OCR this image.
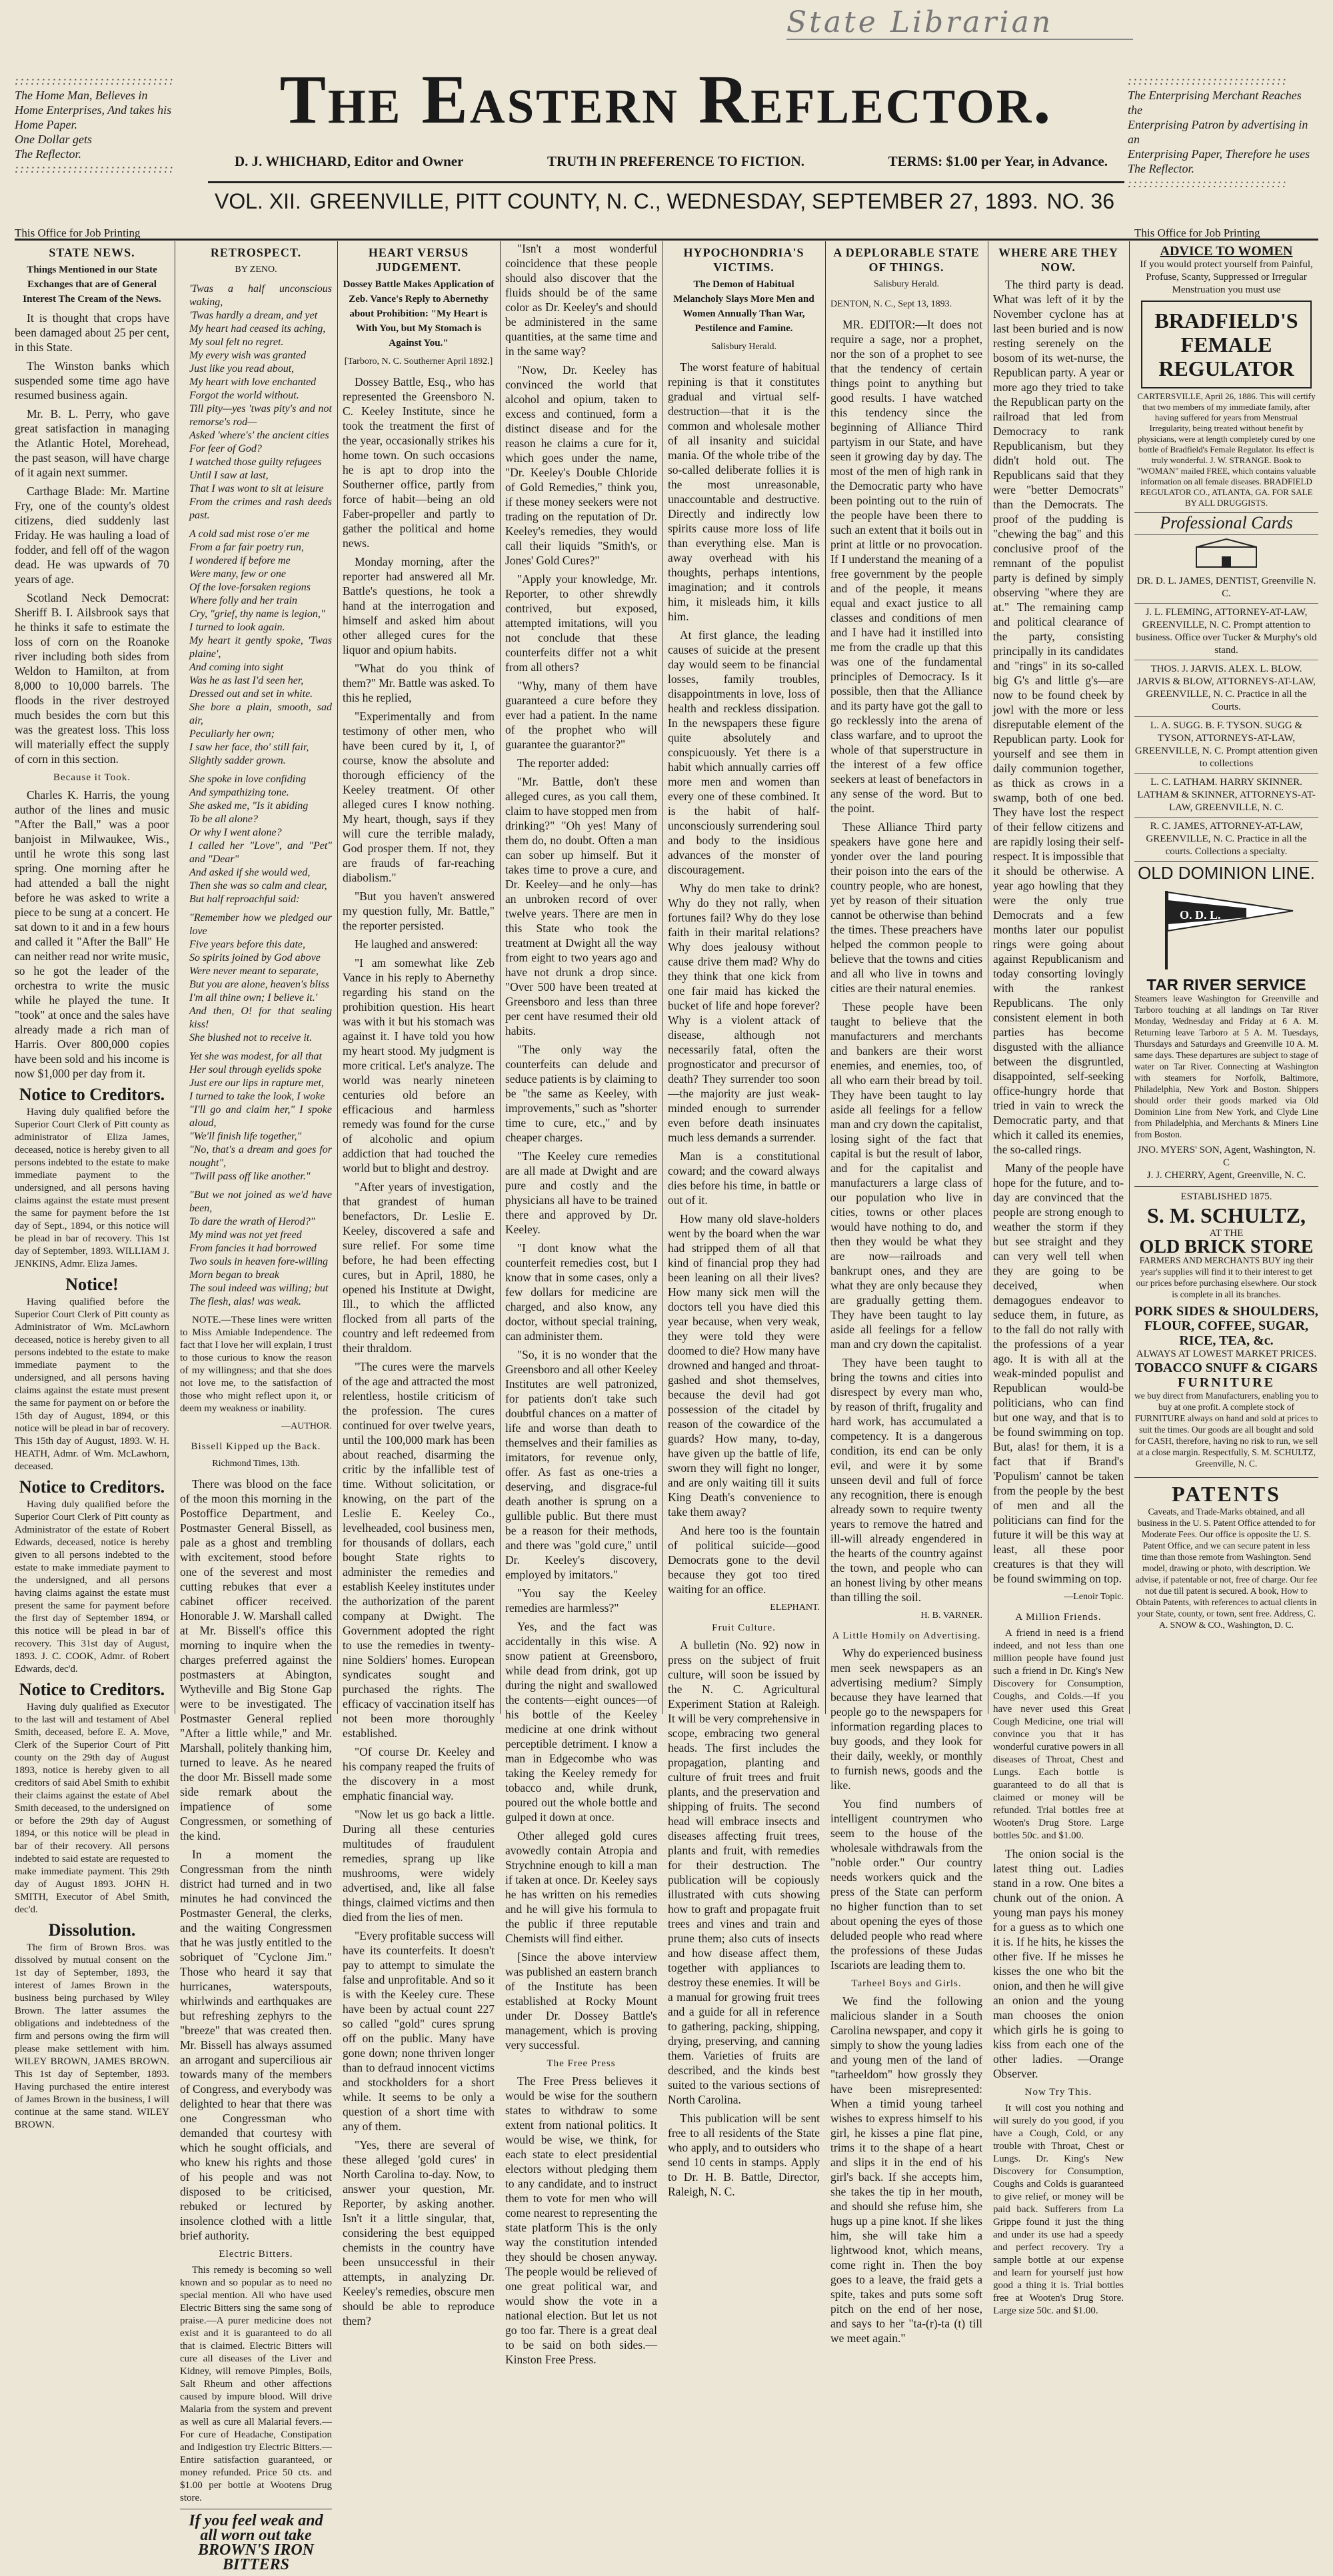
State Librarian

::::::::::::::::::::::::::::::

The Home Man, Believes in

Home Enterprises, And takes his

Home Paper.

One Dollar gets

The Reflector.

::::::::::::::::::::::::::::::

The Eastern Reflector.	::::::::::::::::::::::::::::::

The Enterprising Merchant Reaches the

Enterprising Patron by advertising in an

Enterprising Paper, Therefore he uses

The Reflector.

::::::::::::::::::::::::::::::

D. J. WHICHARD, Editor and Owner	TRUTH IN PREFERENCE TO FICTION.	TERMS: $1.00 per Year, in Advance.
VOL. XII. GREENVILLE, PITT COUNTY, N. C., WEDNESDAY, SEPTEMBER 27, 1893. NO. 36
This Office for Job Printing	This Office for Job Printing
STATE NEWS.
Things Mentioned in our State Exchanges that are of General Interest The Cream of the News.

It is thought that crops have been damaged about 25 per cent, in this State.

The Winston banks which suspended some time ago have resumed business again.

Mr. B. L. Perry, who gave great satisfaction in managing the Atlantic Hotel, Morehead, the past season, will have charge of it again next summer.

Carthage Blade: Mr. Martine Fry, one of the county's oldest citizens, died suddenly last Friday. He was hauling a load of fodder, and fell off of the wagon dead. He was upwards of 70 years of age.

Scotland Neck Democrat: Sheriff B. I. Ailsbrook says that he thinks it safe to estimate the loss of corn on the Roanoke river including both sides from Weldon to Hamilton, at from 8,000 to 10,000 barrels. The floods in the river destroyed much besides the corn but this was the greatest loss. This loss will materially effect the supply of corn in this section.

Because it Took.

Charles K. Harris, the young author of the lines and music "After the Ball," was a poor banjoist in Milwaukee, Wis., until he wrote this song last spring. One morning after he had attended a ball the night before he was asked to write a piece to be sung at a concert. He sat down to it and in a few hours and called it "After the Ball" He can neither read nor write music, so he got the leader of the orchestra to write the music while he played the tune. It "took" at once and the sales have already made a rich man of Harris. Over 800,000 copies have been sold and his income is now $1,000 per day from it.

Notice to Creditors.

Having duly qualified before the Superior Court Clerk of Pitt county as administrator of Eliza James, deceased, notice is hereby given to all persons indebted to the estate to make immediate payment to the undersigned, and all persons having claims against the estate must present the same for payment before the 1st day of Sept., 1894, or this notice will be plead in bar of recovery. This 1st day of September, 1893. WILLIAM J. JENKINS, Admr. Eliza James.

Notice!

Having qualified before the Superior Court Clerk of Pitt county as Administrator of Wm. McLawhorn deceased, notice is hereby given to all persons indebted to the estate to make immediate payment to the undersigned, and all persons having claims against the estate must present the same for payment on or before the 15th day of August, 1894, or this notice will be plead in bar of recovery. This 15th day of August, 1893. W. H. HEATH, Admr. of Wm. McLawhorn, deceased.

Notice to Creditors.

Having duly qualified before the Superior Court Clerk of Pitt county as Administrator of the estate of Robert Edwards, deceased, notice is hereby given to all persons indebted to the estate to make immediate payment to the undersigned, and all persons having claims against the estate must present the same for payment before the first day of September 1894, or this notice will be plead in bar of recovery. This 31st day of August, 1893. J. C. COOK, Admr. of Robert Edwards, dec'd.

Notice to Creditors.

Having duly qualified as Executor to the last will and testament of Abel Smith, deceased, before E. A. Move, Clerk of the Superior Court of Pitt county on the 29th day of August 1893, notice is hereby given to all creditors of said Abel Smith to exhibit their claims against the estate of Abel Smith deceased, to the undersigned on or before the 29th day of August 1894, or this notice will be plead in bar of their recovery. All persons indebted to said estate are requested to make immediate payment. This 29th day of August 1893. JOHN H. SMITH, Executor of Abel Smith, dec'd.

Dissolution.

The firm of Brown Bros. was dissolved by mutual consent on the 1st day of September, 1893, the interest of James Brown in the business being purchased by Wiley Brown. The latter assumes the obligations and indebtedness of the firm and persons owing the firm will please make settlement with him. WILEY BROWN, JAMES BROWN. This 1st day of September, 1893. Having purchased the entire interest of James Brown in the business, I will continue at the same stand. WILEY BROWN.

RETROSPECT.
BY ZENO.
'Twas a half unconscious waking,
'Twas hardly a dream, and yet
My heart had ceased its aching,
My soul felt no regret.
My every wish was granted
Just like you read about,
My heart with love enchanted
Forgot the world without.
Till pity—yes 'twas pity's and not remorse's rod—
Asked 'where's' the ancient cities
For feer of God?
I watched those guilty refugees
Until I saw at last,
That I was wont to sit at leisure
From the crimes and rash deeds past.
A cold sad mist rose o'er me
From a far fair poetry run,
I wondered if before me
Were many, few or one
Of the love-forsaken regions
Where folly and her train
Cry, "grief, thy name is legion,"
I turned to look again.
My heart it gently spoke, 'Twas plaine',
And coming into sight
Was he as last I'd seen her,
Dressed out and set in white.
She bore a plain, smooth, sad air,
Peculiarly her own;
I saw her face, tho' still fair,
Slightly sadder grown.
She spoke in love confiding
And sympathizing tone.
She asked me, "Is it abiding
To be all alone?
Or why I went alone?
I called her "Love", and "Pet" and "Dear"
And asked if she would wed,
Then she was so calm and clear,
But half reproachful said:
"Remember how we pledged our love
Five years before this date,
So spirits joined by God above
Were never meant to separate,
But you are alone, heaven's bliss
I'm all thine own; I believe it.'
And then, O! for that sealing kiss!
She blushed not to receive it.
Yet she was modest, for all that
Her soul through eyelids spoke
Just ere our lips in rapture met,
I turned to take the look, I woke
"I'll go and claim her," I spoke aloud,
"We'll finish life together,"
"No, that's a dream and goes for nought",
"Twill pass off like another."
"But we not joined as we'd have been,
To dare the wrath of Herod?"
My mind was not yet freed
From fancies it had borrowed
Two souls in heaven fore-willing
Morn began to break
The soul indeed was willing; but
The flesh, alas! was weak.

NOTE.—These lines were written to Miss Amiable Independence. The fact that I love her will explain, I trust to those curious to know the reason of my willingness; and that she does not love me, to the satisfaction of those who might reflect upon it, or deem my weakness or inability.

—AUTHOR.
Bissell Kipped up the Back.
Richmond Times, 13th.

There was blood on the face of the moon this morning in the Postoffice Department, and Postmaster General Bissell, as pale as a ghost and trembling with excitement, stood before one of the severest and most cutting rebukes that ever a cabinet officer received. Honorable J. W. Marshall called at Mr. Bissell's office this morning to inquire when the charges preferred against the postmasters at Abington, Wytheville and Big Stone Gap were to be investigated. The Postmaster General replied "After a little while," and Mr. Marshall, politely thanking him, turned to leave. As he neared the door Mr. Bissell made some side remark about the impatience of some Congressmen, or something of the kind.

In a moment the Congressman from the ninth district had turned and in two minutes he had convinced the Postmaster General, the clerks, and the waiting Congressmen that he was justly entitled to the sobriquet of "Cyclone Jim." Those who heard it say that hurricanes, waterspouts, whirlwinds and earthquakes are but refreshing zephyrs to the "breeze" that was created then. Mr. Bissell has always assumed an arrogant and supercilious air towards many of the members of Congress, and everybody was delighted to hear that there was one Congressman who demanded that courtesy with which he sought officials, and who knew his rights and those of his people and was not disposed to be criticised, rebuked or lectured by insolence clothed with a little brief authority.

Electric Bitters.

This remedy is becoming so well known and so popular as to need no special mention. All who have used Electric Bitters sing the same song of praise.—A purer medicine does not exist and it is guaranteed to do all that is claimed. Electric Bitters will cure all diseases of the Liver and Kidney, will remove Pimples, Boils, Salt Rheum and other affections caused by impure blood. Will drive Malaria from the system and prevent as well as cure all Malarial fevers.—For cure of Headache, Constipation and Indigestion try Electric Bitters.—Entire satisfaction guaranteed, or money refunded. Price 50 cts. and $1.00 per bottle at Wootens Drug store.

If you feel weak and all worn out take BROWN'S IRON BITTERS
HEART VERSUS JUDGEMENT.
Dossey Battle Makes Application of Zeb. Vance's Reply to Abernethy about Prohibition: "My Heart is With You, but My Stomach is Against You."
[Tarboro, N. C. Southerner April 1892.]

Dossey Battle, Esq., who has represented the Greensboro N. C. Keeley Institute, since he took the treatment the first of the year, occasionally strikes his home town. On such occasions he is apt to drop into the Southerner office, partly from force of habit—being an old Faber-propeller and partly to gather the political and home news.

Monday morning, after the reporter had answered all Mr. Battle's questions, he took a hand at the interrogation and himself and asked him about other alleged cures for the liquor and opium habits.

"What do you think of them?" Mr. Battle was asked. To this he replied,

"Experimentally and from testimony of other men, who have been cured by it, I, of course, know the absolute and thorough efficiency of the Keeley treatment. Of other alleged cures I know nothing. My heart, though, says if they will cure the terrible malady, God prosper them. If not, they are frauds of far-reaching diabolism."

"But you haven't answered my question fully, Mr. Battle," the reporter persisted.

He laughed and answered:

"I am somewhat like Zeb Vance in his reply to Abernethy regarding his stand on the prohibition question. His heart was with it but his stomach was against it. I have told you how my heart stood. My judgment is more critical. Let's analyze. The world was nearly nineteen centuries old before an efficacious and harmless remedy was found for the curse of alcoholic and opium addiction that had touched the world but to blight and destroy.

"After years of investigation, that grandest of human benefactors, Dr. Leslie E. Keeley, discovered a safe and sure relief. For some time before, he had been effecting cures, but in April, 1880, he opened his Institute at Dwight, Ill., to which the afflicted flocked from all parts of the country and left redeemed from their thraldom.

"The cures were the marvels of the age and attracted the most relentless, hostile criticism of the profession. The cures continued for over twelve years, until the 100,000 mark has been about reached, disarming the critic by the infallible test of time. Without solicitation, or knowing, on the part of the Leslie E. Keeley Co., levelheaded, cool business men, for thousands of dollars, each bought State rights to administer the remedies and establish Keeley institutes under the authorization of the parent company at Dwight. The Government adopted the right to use the remedies in twenty-nine Soldiers' homes. European syndicates sought and purchased the rights. The efficacy of vaccination itself has not been more thoroughly established.

"Of course Dr. Keeley and his company reaped the fruits of the discovery in a most emphatic financial way.

"Now let us go back a little. During all these centuries multitudes of fraudulent remedies, sprang up like mushrooms, were widely advertised, and, like all false things, claimed victims and then died from the lies of men.

"Every profitable success will have its counterfeits. It doesn't pay to attempt to simulate the false and unprofitable. And so it is with the Keeley cure. These have been by actual count 227 so called "gold" cures sprung off on the public. Many have gone down; none thriven longer than to defraud innocent victims and stockholders for a short while. It seems to be only a question of a short time with any of them.

"Yes, there are several of these alleged 'gold cures' in North Carolina to-day. Now, to answer your question, Mr. Reporter, by asking another. Isn't it a little singular, that, considering the best equipped chemists in the country have been unsuccessful in their attempts, in analyzing Dr. Keeley's remedies, obscure men should be able to reproduce them?

"Isn't a most wonderful coincidence that these people should also discover that the fluids should be of the same color as Dr. Keeley's and should be administered in the same quantities, at the same time and in the same way?

"Now, Dr. Keeley has convinced the world that alcohol and opium, taken to excess and continued, form a distinct disease and for the reason he claims a cure for it, which goes under the name, "Dr. Keeley's Double Chloride of Gold Remedies," think you, if these money seekers were not trading on the reputation of Dr. Keeley's remedies, they would call their liquids "Smith's, or Jones' Gold Cures?"

"Apply your knowledge, Mr. Reporter, to other shrewdly contrived, but exposed, attempted imitations, will you not conclude that these counterfeits differ not a whit from all others?

"Why, many of them have guaranteed a cure before they ever had a patient. In the name of the prophet who will guarantee the guarantor?"

The reporter added:

"Mr. Battle, don't these alleged cures, as you call them, claim to have stopped men from drinking?" "Oh yes! Many of them do, no doubt. Often a man can sober up himself. But it takes time to prove a cure, and Dr. Keeley—and he only—has an unbroken record of over twelve years. There are men in this State who took the treatment at Dwight all the way from eight to two years ago and have not drunk a drop since. "Over 500 have been treated at Greensboro and less than three per cent have resumed their old habits.

"The only way the counterfeits can delude and seduce patients is by claiming to be "the same as Keeley, with improvements," such as "shorter time to cure, etc.," and by cheaper charges.

"The Keeley cure remedies are all made at Dwight and are pure and costly and the physicians all have to be trained there and approved by Dr. Keeley.

"I dont know what the counterfeit remedies cost, but I know that in some cases, only a few dollars for medicine are charged, and also know, any doctor, without special training, can administer them.

"So, it is no wonder that the Greensboro and all other Keeley Institutes are well patronized, for patients don't take such doubtful chances on a matter of life and worse than death to themselves and their families as imitators, for revenue only, offer. As fast as one-tries a deserving, and disgrace-ful death another is sprung on a gullible public. But there must be a reason for their methods, and there was "gold cure," until Dr. Keeley's discovery, employed by imitators."

"You say the Keeley remedies are harmless?"

Yes, and the fact was accidentally in this wise. A snow patient at Greensboro, while dead from drink, got up during the night and swallowed the contents—eight ounces—of his bottle of the Keeley medicine at one drink without perceptible detriment. I know a man in Edgecombe who was taking the Keeley remedy for tobacco and, while drunk, poured out the whole bottle and gulped it down at once.

Other alleged gold cures avowedly contain Atropia and Strychnine enough to kill a man if taken at once. Dr. Keeley says he has written on his remedies and he will give his formula to the public if three reputable Chemists will find either.

[Since the above interview was published an eastern branch of the Institute has been established at Rocky Mount under Dr. Dossey Battle's management, which is proving very successful.

The Free Press

The Free Press believes it would be wise for the southern states to withdraw to some extent from national politics. It would be wise, we think, for each state to elect presidential electors without pledging them to any candidate, and to instruct them to vote for men who will come nearest to representing the state platform This is the only way the constitution intended they should be chosen anyway. The people would be relieved of one great political war, and would show the vote in a national election. But let us not go too far. There is a great deal to be said on both sides.—Kinston Free Press.

HYPOCHONDRIA'S VICTIMS.
The Demon of Habitual Melancholy Slays More Men and Women Annually Than War, Pestilence and Famine.
Salisbury Herald.

The worst feature of habitual repining is that it constitutes gradual and virtual self-destruction—that it is the common and wholesale mother of all insanity and suicidal mania. Of the whole tribe of the so-called deliberate follies it is the most unreasonable, unaccountable and destructive. Directly and indirectly low spirits cause more loss of life than everything else. Man is away overhead with his thoughts, perhaps intentions, imagination; and it controls him, it misleads him, it kills him.

At first glance, the leading causes of suicide at the present day would seem to be financial losses, family troubles, disappointments in love, loss of health and reckless dissipation. In the newspapers these figure quite absolutely and conspicuously. Yet there is a habit which annually carries off more men and women than every one of these combined. It is the habit of half-unconsciously surrendering soul and body to the insidious advances of the monster of discouragement.

Why do men take to drink? Why do they not rally, when fortunes fail? Why do they lose faith in their marital relations? Why does jealousy without cause drive them mad? Why do they think that one kick from one fair maid has kicked the bucket of life and hope forever? Why is a violent attack of disease, although not necessarily fatal, often the prognosticator and precursor of death? They surrender too soon—the majority are just weak-minded enough to surrender even before death insinuates much less demands a surrender.

Man is a constitutional coward; and the coward always dies before his time, in battle or out of it.

How many old slave-holders went by the board when the war had stripped them of all that kind of financial prop they had been leaning on all their lives? How many sick men will the doctors tell you have died this year because, when very weak, they were told they were doomed to die? How many have drowned and hanged and throat-gashed and shot themselves, because the devil had got possession of the citadel by reason of the cowardice of the guards? How many, to-day, have given up the battle of life, sworn they will fight no longer, and are only waiting till it suits King Death's convenience to take them away?

And here too is the fountain of political suicide—good Democrats gone to the devil because they got too tired waiting for an office.

ELEPHANT.
Fruit Culture.

A bulletin (No. 92) now in press on the subject of fruit culture, will soon be issued by the N. C. Agricultural Experiment Station at Raleigh. It will be very comprehensive in scope, embracing two general heads. The first includes the propagation, planting and culture of fruit trees and fruit plants, and the preservation and shipping of fruits. The second head will embrace insects and diseases affecting fruit trees, plants and fruit, with remedies for their destruction. The publication will be copiously illustrated with cuts showing how to graft and propagate fruit trees and vines and train and prune them; also cuts of insects and how disease affect them, together with appliances to destroy these enemies. It will be a manual for growing fruit trees and a guide for all in reference to gathering, packing, shipping, drying, preserving, and canning them. Varieties of fruits are described, and the kinds best suited to the various sections of North Carolina.

This publication will be sent free to all residents of the State who apply, and to outsiders who send 10 cents in stamps. Apply to Dr. H. B. Battle, Director, Raleigh, N. C.

A DEPLORABLE STATE OF THINGS.
Salisbury Herald.
DENTON, N. C., Sept 13, 1893.

MR. EDITOR:—It does not require a sage, nor a prophet, nor the son of a prophet to see that the tendency of certain things point to anything but good results. I have watched this tendency since the beginning of Alliance Third partyism in our State, and have seen it growing day by day. The most of the men of high rank in the Democratic party who have been pointing out to the ruin of the people have been there to such an extent that it boils out in print at little or no provocation. If I understand the meaning of a free government by the people and of the people, it means equal and exact justice to all classes and conditions of men and I have had it instilled into me from the cradle up that this was one of the fundamental principles of Democracy. Is it possible, then that the Alliance and its party have got the gall to go recklessly into the arena of class warfare, and to uproot the whole of that superstructure in the interest of a few office seekers at least of benefactors in any sense of the word. But to the point.

These Alliance Third party speakers have gone here and yonder over the land pouring their poison into the ears of the country people, who are honest, yet by reason of their situation cannot be otherwise than behind the times. These preachers have helped the common people to believe that the towns and cities and all who live in towns and cities are their natural enemies.

These people have been taught to believe that the manufacturers and merchants and bankers are their worst enemies, and enemies, too, of all who earn their bread by toil. They have been taught to lay aside all feelings for a fellow man and cry down the capitalist, losing sight of the fact that capital is but the result of labor, and for the capitalist and manufacturers a large class of our population who live in cities, towns or other places would have nothing to do, and then they would be what they are now—railroads and bankrupt ones, and they are what they are only because they are gradually getting them. They have been taught to lay aside all feelings for a fellow man and cry down the capitalist.

They have been taught to bring the towns and cities into disrespect by every man who, by reason of thrift, frugality and hard work, has accumulated a competency. It is a dangerous condition, its end can be only evil, and were it by some unseen devil and full of force any recognition, there is enough already sown to require twenty years to remove the hatred and ill-will already engendered in the hearts of the country against the town, and people who can an honest living by other means than tilling the soil.

H. B. VARNER.
A Little Homily on Advertising.

Why do experienced business men seek newspapers as an advertising medium? Simply because they have learned that people go to the newspapers for information regarding places to buy goods, and they look for their daily, weekly, or monthly to furnish news, goods and the like.

You find numbers of intelligent countrymen who seem to the house of the wholesale withdrawals from the "noble order." Our country needs workers quick and the press of the State can perform no higher function than to set about opening the eyes of those deluded people who read where the professions of these Judas Iscariots are leading them to.

Tarheel Boys and Girls.

We find the following malicious slander in a South Carolina newspaper, and copy it simply to show the young ladies and young men of the land of "tarheeldom" how grossly they have been misrepresented: When a timid young tarheel wishes to express himself to his girl, he kisses a pine flat pine, trims it to the shape of a heart and slips it in the end of his girl's back. If she accepts him, she takes the tip in her mouth, and should she refuse him, she hugs up a pine knot. If she likes him, she will take him a lightwood knot, which means, come right in. Then the boy goes to a leave, the fraid gets a spite, takes and puts some soft pitch on the end of her nose, and says to her "ta-(r)-ta (t) till we meet again."

WHERE ARE THEY NOW.

The third party is dead. What was left of it by the November cyclone has at last been buried and is now resting serenely on the bosom of its wet-nurse, the Republican party. A year or more ago they tried to take the Republican party on the railroad that led from Democracy to rank Republicanism, but they didn't hold out. The Republicans said that they were "better Democrats" than the Democrats. The proof of the pudding is "chewing the bag" and this conclusive proof of the remnant of the populist party is defined by simply observing "where they are at." The remaining camp and political clearance of the party, consisting principally in its candidates and "rings" in its so-called big G's and little g's—are now to be found cheek by jowl with the more or less disreputable element of the Republican party. Look for yourself and see them in daily communion together, as thick as crows in a swamp, both of one bed. They have lost the respect of their fellow citizens and are rapidly losing their self-respect. It is impossible that it should be otherwise. A year ago howling that they were the only true Democrats and a few months later our populist rings were going about against Republicanism and today consorting lovingly with the rankest Republicans. The only consistent element in both parties has become disgusted with the alliance between the disgruntled, disappointed, self-seeking office-hungry horde that tried in vain to wreck the Democratic party, and that which it called its enemies, the so-called rings.

Many of the people have hope for the future, and to-day are convinced that the people are strong enough to weather the storm if they but see straight and they can very well tell when they are going to be deceived, when demagogues endeavor to seduce them, in future, as to the fall do not rally with the professions of a year ago. It is with all at the weak-minded populist and Republican would-be politicians, who can find but one way, and that is to be found swimming on top. But, alas! for them, it is a fact that if Brand's 'Populism' cannot be taken from the people by the best of men and all the politicians can find for the future it will be this way at least, all these poor creatures is that they will be found swimming on top.

—Lenoir Topic.
A Million Friends.

A friend in need is a friend indeed, and not less than one million people have found just such a friend in Dr. King's New Discovery for Consumption, Coughs, and Colds.—If you have never used this Great Cough Medicine, one trial will convince you that it has wonderful curative powers in all diseases of Throat, Chest and Lungs. Each bottle is guaranteed to do all that is claimed or money will be refunded. Trial bottles free at Wooten's Drug Store. Large bottles 50c. and $1.00.

The onion social is the latest thing out. Ladies stand in a row. One bites a chunk out of the onion. A young man pays his money for a guess as to which one it is. If he hits, he kisses the other five. If he misses he kisses the one who bit the onion, and then he will give an onion and the young man chooses the onion which girls he is going to kiss from each one of the other ladies. —Orange Observer.

Now Try This.

It will cost you nothing and will surely do you good, if you have a Cough, Cold, or any trouble with Throat, Chest or Lungs. Dr. King's New Discovery for Consumption, Coughs and Colds is guaranteed to give relief, or money will be paid back. Sufferers from La Grippe found it just the thing and under its use had a speedy and perfect recovery. Try a sample bottle at our expense and learn for yourself just how good a thing it is. Trial bottles free at Wooten's Drug Store. Large size 50c. and $1.00.

ADVICE TO WOMEN

If you would protect yourself from Painful, Profuse, Scanty, Suppressed or Irregular Menstruation you must use

BRADFIELD'S
FEMALE
REGULATOR

CARTERSVILLE, April 26, 1886. This will certify that two members of my immediate family, after having suffered for years from Menstrual Irregularity, being treated without benefit by physicians, were at length completely cured by one bottle of Bradfield's Female Regulator. Its effect is truly wonderful. J. W. STRANGE. Book to "WOMAN" mailed FREE, which contains valuable information on all female diseases. BRADFIELD REGULATOR CO., ATLANTA, GA. FOR SALE BY ALL DRUGGISTS.

Professional Cards
DR. D. L. JAMES, DENTIST, Greenville N. C.
J. L. FLEMING, ATTORNEY-AT-LAW, GREENVILLE, N. C. Prompt attention to business. Office over Tucker & Murphy's old stand.
THOS. J. JARVIS. ALEX. L. BLOW. JARVIS & BLOW, ATTORNEYS-AT-LAW, GREENVILLE, N. C. Practice in all the Courts.
L. A. SUGG. B. F. TYSON. SUGG & TYSON, ATTORNEYS-AT-LAW, GREENVILLE, N. C. Prompt attention given to collections
L. C. LATHAM. HARRY SKINNER. LATHAM & SKINNER, ATTORNEYS-AT-LAW, GREENVILLE, N. C.
R. C. JAMES, ATTORNEY-AT-LAW, GREENVILLE, N. C. Practice in all the courts. Collections a specialty.
OLD DOMINION LINE.
O. D. L.
TAR RIVER SERVICE

Steamers leave Washington for Greenville and Tarboro touching at all landings on Tar River Monday, Wednesday and Friday at 6 A. M. Returning leave Tarboro at 5 A. M. Tuesdays, Thursdays and Saturdays and Greenville 10 A. M. same days. These departures are subject to stage of water on Tar River. Connecting at Washington with steamers for Norfolk, Baltimore, Philadelphia, New York and Boston. Shippers should order their goods marked via Old Dominion Line from New York, and Clyde Line from Philadelphia, and Merchants & Miners Line from Boston.

JNO. MYERS' SON, Agent, Washington, N. C
J. J. CHERRY, Agent, Greenville, N. C.
ESTABLISHED 1875.
S. M. SCHULTZ,
AT THE
OLD BRICK STORE

FARMERS AND MERCHANTS BUY ing their year's supplies will find it to their interest to get our prices before purchasing elsewhere. Our stock is complete in all its branches.

PORK SIDES & SHOULDERS,
FLOUR, COFFEE, SUGAR,
RICE, TEA, &c.
ALWAYS AT LOWEST MARKET PRICES.
TOBACCO SNUFF & CIGARS
FURNITURE

we buy direct from Manufacturers, enabling you to buy at one profit. A complete stock of FURNITURE always on hand and sold at prices to suit the times. Our goods are all bought and sold for CASH, therefore, having no risk to run, we sell at a close margin. Respectfully, S. M. SCHULTZ, Greenville, N. C.

PATENTS

Caveats, and Trade-Marks obtained, and all business in the U. S. Patent Office attended to for Moderate Fees. Our office is opposite the U. S. Patent Office, and we can secure patent in less time than those remote from Washington. Send model, drawing or photo, with description. We advise, if patentable or not, free of charge. Our fee not due till patent is secured. A book, How to Obtain Patents, with references to actual clients in your State, county, or town, sent free. Address, C. A. SNOW & CO., Washington, D. C.
